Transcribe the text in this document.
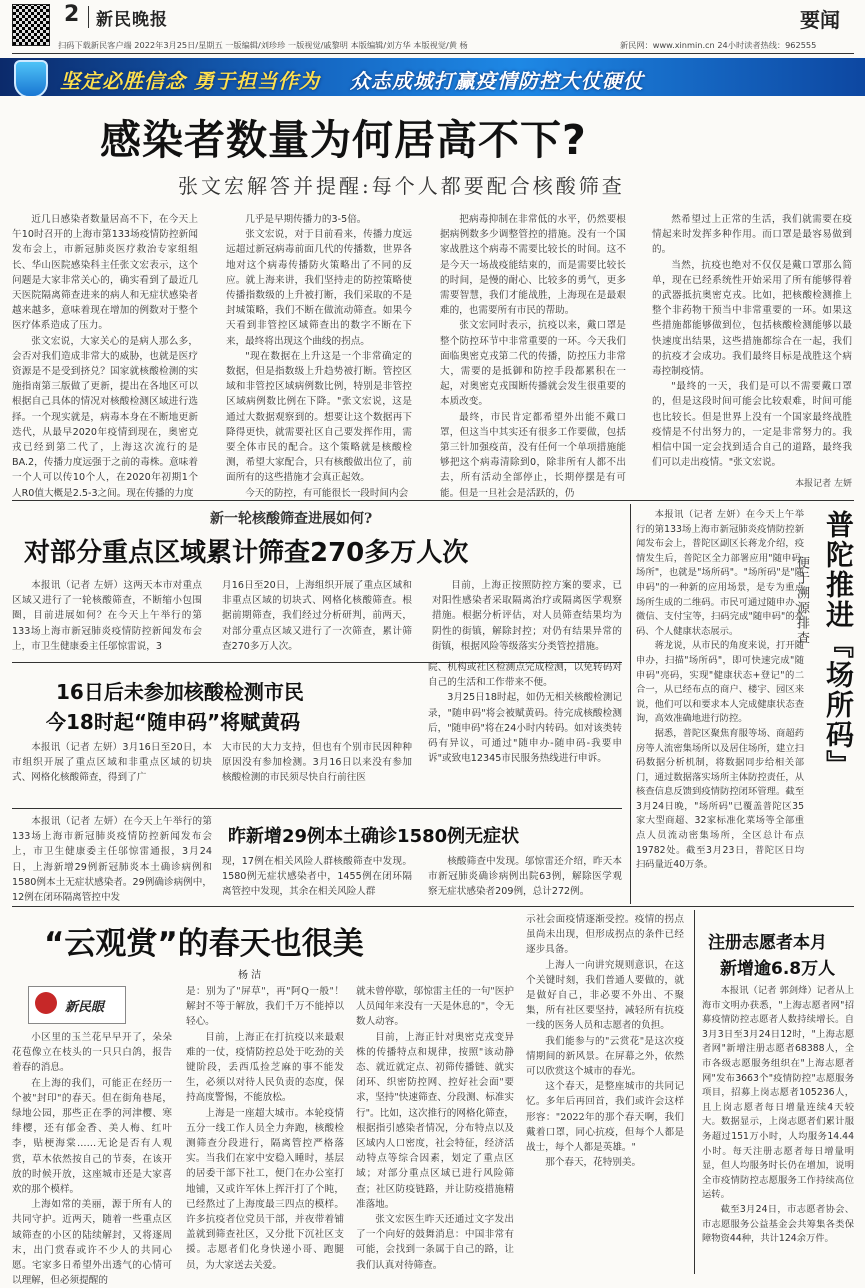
2 新民晚报	要闻
扫码下载新民客户端 2022年3月25日/星期五 一版编辑/刘珍珍 一版视觉/戚黎明 本版编辑/刘方华 本版视觉/黄 杨	新民网：www.xinmin.cn 24小时读者热线：962555
坚定必胜信念 勇于担当作为 众志成城打赢疫情防控大仗硬仗
感染者数量为何居高不下?
张文宏解答并提醒:每个人都要配合核酸筛查

近几日感染者数量居高不下，在今天上午10时召开的上海市第133场疫情防控新闻发布会上，市新冠肺炎医疗救治专家组组长、华山医院感染科主任张文宏表示，这个问题是大家非常关心的，确实看到了最近几天医院隔离筛查进来的病人和无症状感染者越来越多，意味着现在增加的例数对于整个医疗体系造成了压力。

张文宏说，大家关心的是病人那么多，会否对我们造成非常大的威胁，也就是医疗资源是不是受到挤兑？国家就核酸检测的实施指南第三版做了更新，提出在各地区可以根据自己具体的情况对核酸检测区域进行选择。一个现实就是，病毒本身在不断地更新迭代，从最早2020年疫情到现在，奥密克戎已经到第二代了，上海这次流行的是BA.2，传播力度远强于之前的毒株。意味着一个人可以传10个人，在2020年初期1个人R0值大概是2.5-3之间。现在传播的力度

几乎是早期传播力的3-5倍。

张文宏说，对于目前看来，传播力度远远超过新冠病毒前面几代的传播数，世界各地对这个病毒传播防火策略出了不同的反应。就上海来讲，我们坚持走的防控策略使传播指数级的上升被打断，我们采取的不是封城策略，我们不断在做流动筛查。如果今天看到非管控区域筛查出的数字不断在下来，最终将出现这个曲线的拐点。

"现在数据在上升这是一个非常确定的数据，但是指数级上升趋势被打断。管控区域和非管控区域病例数比例，特别是非管控区域病例数比例在下降。"张文宏说，这是通过大数据观察到的。想要让这个数据再下降得更快，就需要社区自己要发挥作用，需要全体市民的配合。这个策略就是核酸检测，希望大家配合，只有核酸做出位了，前面所有的这些措施才会真正起效。

今天的防控，有可能很长一段时间内会

把病毒抑制在非常低的水平，仍然要根据病例数多少调整管控的措施。没有一个国家战胜这个病毒不需要比较长的时间。这不是今天一场战疫能结束的，而是需要比较长的时间，是慢的耐心、比较多的勇气，更多需要智慧，我们才能战胜，上海现在是最艰难的，也需要所有市民的帮助。

张文宏同时表示，抗疫以来，戴口罩是整个防控环节中非常重要的一环。今天我们面临奥密克戎第二代的传播，防控压力非常大，需要的是抵御和防控手段都累积在一起，对奥密克戎围断传播就会发生很重要的本质改变。

最终，市民肯定都希望外出能不戴口罩，但这当中其实还有很多工作要做，包括第三针加强疫苗，没有任何一个单项措施能够把这个病毒清除到0，除非所有人都不出去，所有活动全部停止，长期停摆是有可能。但是一旦社会是活跃的，仍

然希望过上正常的生活，我们就需要在疫情起来时发挥多种作用。而口罩是最容易做到的。

当然，抗疫也绝对不仅仅是戴口罩那么简单，现在已经系统性开始采用了所有能够得着的武器抵抗奥密克戎。比如，把核酸检测推上整个非药物干预当中非常重要的一环。如果这些措施都能够做到位，包括核酸检测能够以最快速度出结果，这些措施都综合在一起，我们的抗疫才会成功。我们最终目标是战胜这个病毒控制疫情。

"最终的一天，我们是可以不需要戴口罩的，但是这段时间可能会比较艰难，时间可能也比较长。但是世界上没有一个国家最终战胜疫情是不付出努力的，一定是非常努力的。我相信中国一定会找到适合自己的道路，最终我们可以走出疫情。"张文宏说。

本报记者 左妍
新一轮核酸筛查进展如何?
对部分重点区域累计筛查270多万人次

本报讯（记者 左妍）这两天本市对重点区域又进行了一轮核酸筛查，不断缩小包围圈，目前进展如何？在今天上午举行的第133场上海市新冠肺炎疫情防控新闻发布会上，市卫生健康委主任邬惊雷说，3

月16日至20日，上海组织开展了重点区域和非重点区域的切块式、网格化核酸筛查。根据前期筛查，我们经过分析研判，前两天，对部分重点区域又进行了一次筛查，累计筛查270多万人次。

目前，上海正按照防控方案的要求，已对阳性感染者采取隔离治疗或隔离医学观察措施。根据分析评估，对人员筛查结果均为阴性的街镇，解除封控；对仍有结果异常的街镇，根据风险等级落实分类管控措施。

16日后未参加核酸检测市民
今18时起“随申码”将赋黄码

本报讯（记者 左妍）3月16日至20日，本市组织开展了重点区域和非重点区域的切块式、网格化核酸筛查，得到了广

大市民的大力支持，但也有个别市民因种种原因没有参加检测。3月16日以来没有参加核酸检测的市民须尽快自行前往医

院、机构或社区检测点完成检测，以免转码对自己的生活和工作带来不便。

3月25日18时起，如仍无相关核酸检测记录，"随申码"将会被赋黄码。待完成核酸检测后，"随申码"将在24小时内转码。如对该类转码有异议，可通过"随申办-随申码-我要申诉"或致电12345市民服务热线进行申诉。

本报讯（记者 左妍）在今天上午举行的第133场上海市新冠肺炎疫情防控新闻发布会上，市卫生健康委主任邬惊雷通报，3月24日，上海新增29例新冠肺炎本土确诊病例和1580例本土无症状感染者。29例确诊病例中，12例在闭环隔离管控中发

昨新增29例本土确诊1580例无症状

现，17例在相关风险人群核酸筛查中发现。1580例无症状感染者中，1455例在闭环隔离管控中发现，其余在相关风险人群

核酸筛查中发现。邬惊雷还介绍，昨天本市新冠肺炎确诊病例出院63例，解除医学观察无症状感染者209例，总计272例。

本报讯（记者 左妍）在今天上午举行的第133场上海市新冠肺炎疫情防控新闻发布会上，普陀区副区长蒋龙介绍，疫情发生后，普陀区全力部署应用"随申码·场所"，也就是"场所码"。"场所码"是"随申码"的一种新的应用场景，是专为重点场所生成的二维码。市民可通过随申办、微信、支付宝等，扫码完成"随申码"的亮码、个人健康状态展示。

蒋龙说，从市民的角度来说，打开随申办，扫描"场所码"，即可快速完成"随申码"亮码，实现"健康状态+登记"的二合一，从已经布点的商户、楼宇、园区来说，他们可以和要求本人完成健康状态查询，高效准确地进行防控。

据悉，普陀区聚焦育服等场、商超药房等人流密集场所以及居住场所，建立扫码数据分析机制，将数据同步给相关部门，通过数据落实场所主体防控责任，从核查信息反馈到疫情防控闭环管理。截至3月24日晚，"场所码"已覆盖普陀区35家大型商超、32家标准化菜场等全部重点人员流动密集场所，全区总计布点19782处。截至3月23日，普陀区日均扫码量近40万条。

普陀推进『场所码』
便于溯源排查
“云观赏”的春天也很美
杨 洁
新民眼

小区里的玉兰花早早开了，朵朵花苞像立在枝头的一只只白鸽，报告着春的消息。

在上海的我们，可能正在经历一个被"封印"的春天。但在街角巷尾，绿地公园，那些正在季的河津樱、寒绯樱，还有郁金香、美人梅、红叶李，贴梗海棠……无论是否有人观赏，草木依然按自己的节奏，在该开放的时候开放，这座城市还是大家喜欢的那个模样。

上海如常的美丽，源于所有人的共同守护。近两天，随着一些重点区域筛查的小区的陆续解封，又将逐周末，出门赏春或许不少人的共同心愿。宅家多日希望外出透气的心情可以理解，但必须提醒的

是：别为了"屏草"，再"阿Q一般"！解封不等于解放，我们千万不能掉以轻心。

目前，上海正在打抗疫以来最艰难的一仗，疫情防控总处于吃劲的关键阶段，丢西瓜捡芝麻的事不能发生，必须以对待人民负责的态度，保持高度警惕，不能放松。

上海是一座超大城市。本轮疫情五分一线工作人员全力奔跑，核酸检测筛查分段进行，隔离管控严格落实。当我们在家中安稳入睡时，基层的居委干部下社工，便门在办公室打地铺，又或许军休上挥汗打了个盹，已经熬过了上海度最三四点的模样。许多抗疫者位党员干部，并夜带着铺盖就到筛查社区，又分批下沉社区支援。志愿者们化身快递小哥、跑腿员，为大家送去关爱。

就未曾停歇，邬惊雷主任的一句"医护人员闻年来没有一天是休息的"，令无数人动容。

目前，上海正针对奥密克戎变异株的传播特点和规律，按照"该动静态、就近就定点、初筛传播链、就实闭环、织密防控网、控好社会面"要求，坚持"快速筛查、分段测、标准实行"。比如，这次推行的网格化筛查，根据指引感染者情况，分布特点以及区域内人口密度，社会特征，经济活动特点等综合因素，划定了重点区域；对部分重点区域已进行风险筛查；社区防疫链路，并让防疫措施精准落地。

张文宏医生昨天还通过文字发出了一个向好的鼓舞消息：中国非常有可能，会找到一条属于自己的路，让我们认真对待筛查。

示社会面疫情逐渐受控。疫情的拐点虽尚未出现，但形成拐点的条件已经逐步具备。

上海人一向讲究规则意识，在这个关键时刻，我们普通人要做的，就是做好自己，非必要不外出、不聚集，所有社区要坚持，减轻所有抗疫一线的医务人员和志愿者的负担。

我们能参与的"云赏花"是这次疫情期间的新风景。在屏幕之外，依然可以欣赏这个城市的春光。

这个春天，是整座城市的共同记忆。多年后再回首，我们或许会这样形容："2022年的那个春天啊，我们戴着口罩，同心抗疫，但每个人都是战士，每个人都是英雄。"

那个春天，花特别美。

注册志愿者本月
新增逾6.8万人

本报讯（记者 郭剑烽）记者从上海市文明办获悉，"上海志愿者网"招募疫情防控志愿者人数持续增长。自3月3日至3月24日12时，"上海志愿者网"新增注册志愿者68388人，全市各级志愿服务组织在"上海志愿者网"发布3663个"疫情防控"志愿服务项目，招募上岗志愿者105236人，且上岗志愿者每日增量连续4天较大。数据显示，上岗志愿者们累计服务超过151万小时，人均服务14.44小时。每天注册志愿者每日增量明显，但人均服务时长仍在增加，说明全市疫情防控志愿服务工作持续高位运转。

截至3月24日，市志愿者协会、市志愿服务公益基金会共筹集各类保障物资44种，共计124余万件。
